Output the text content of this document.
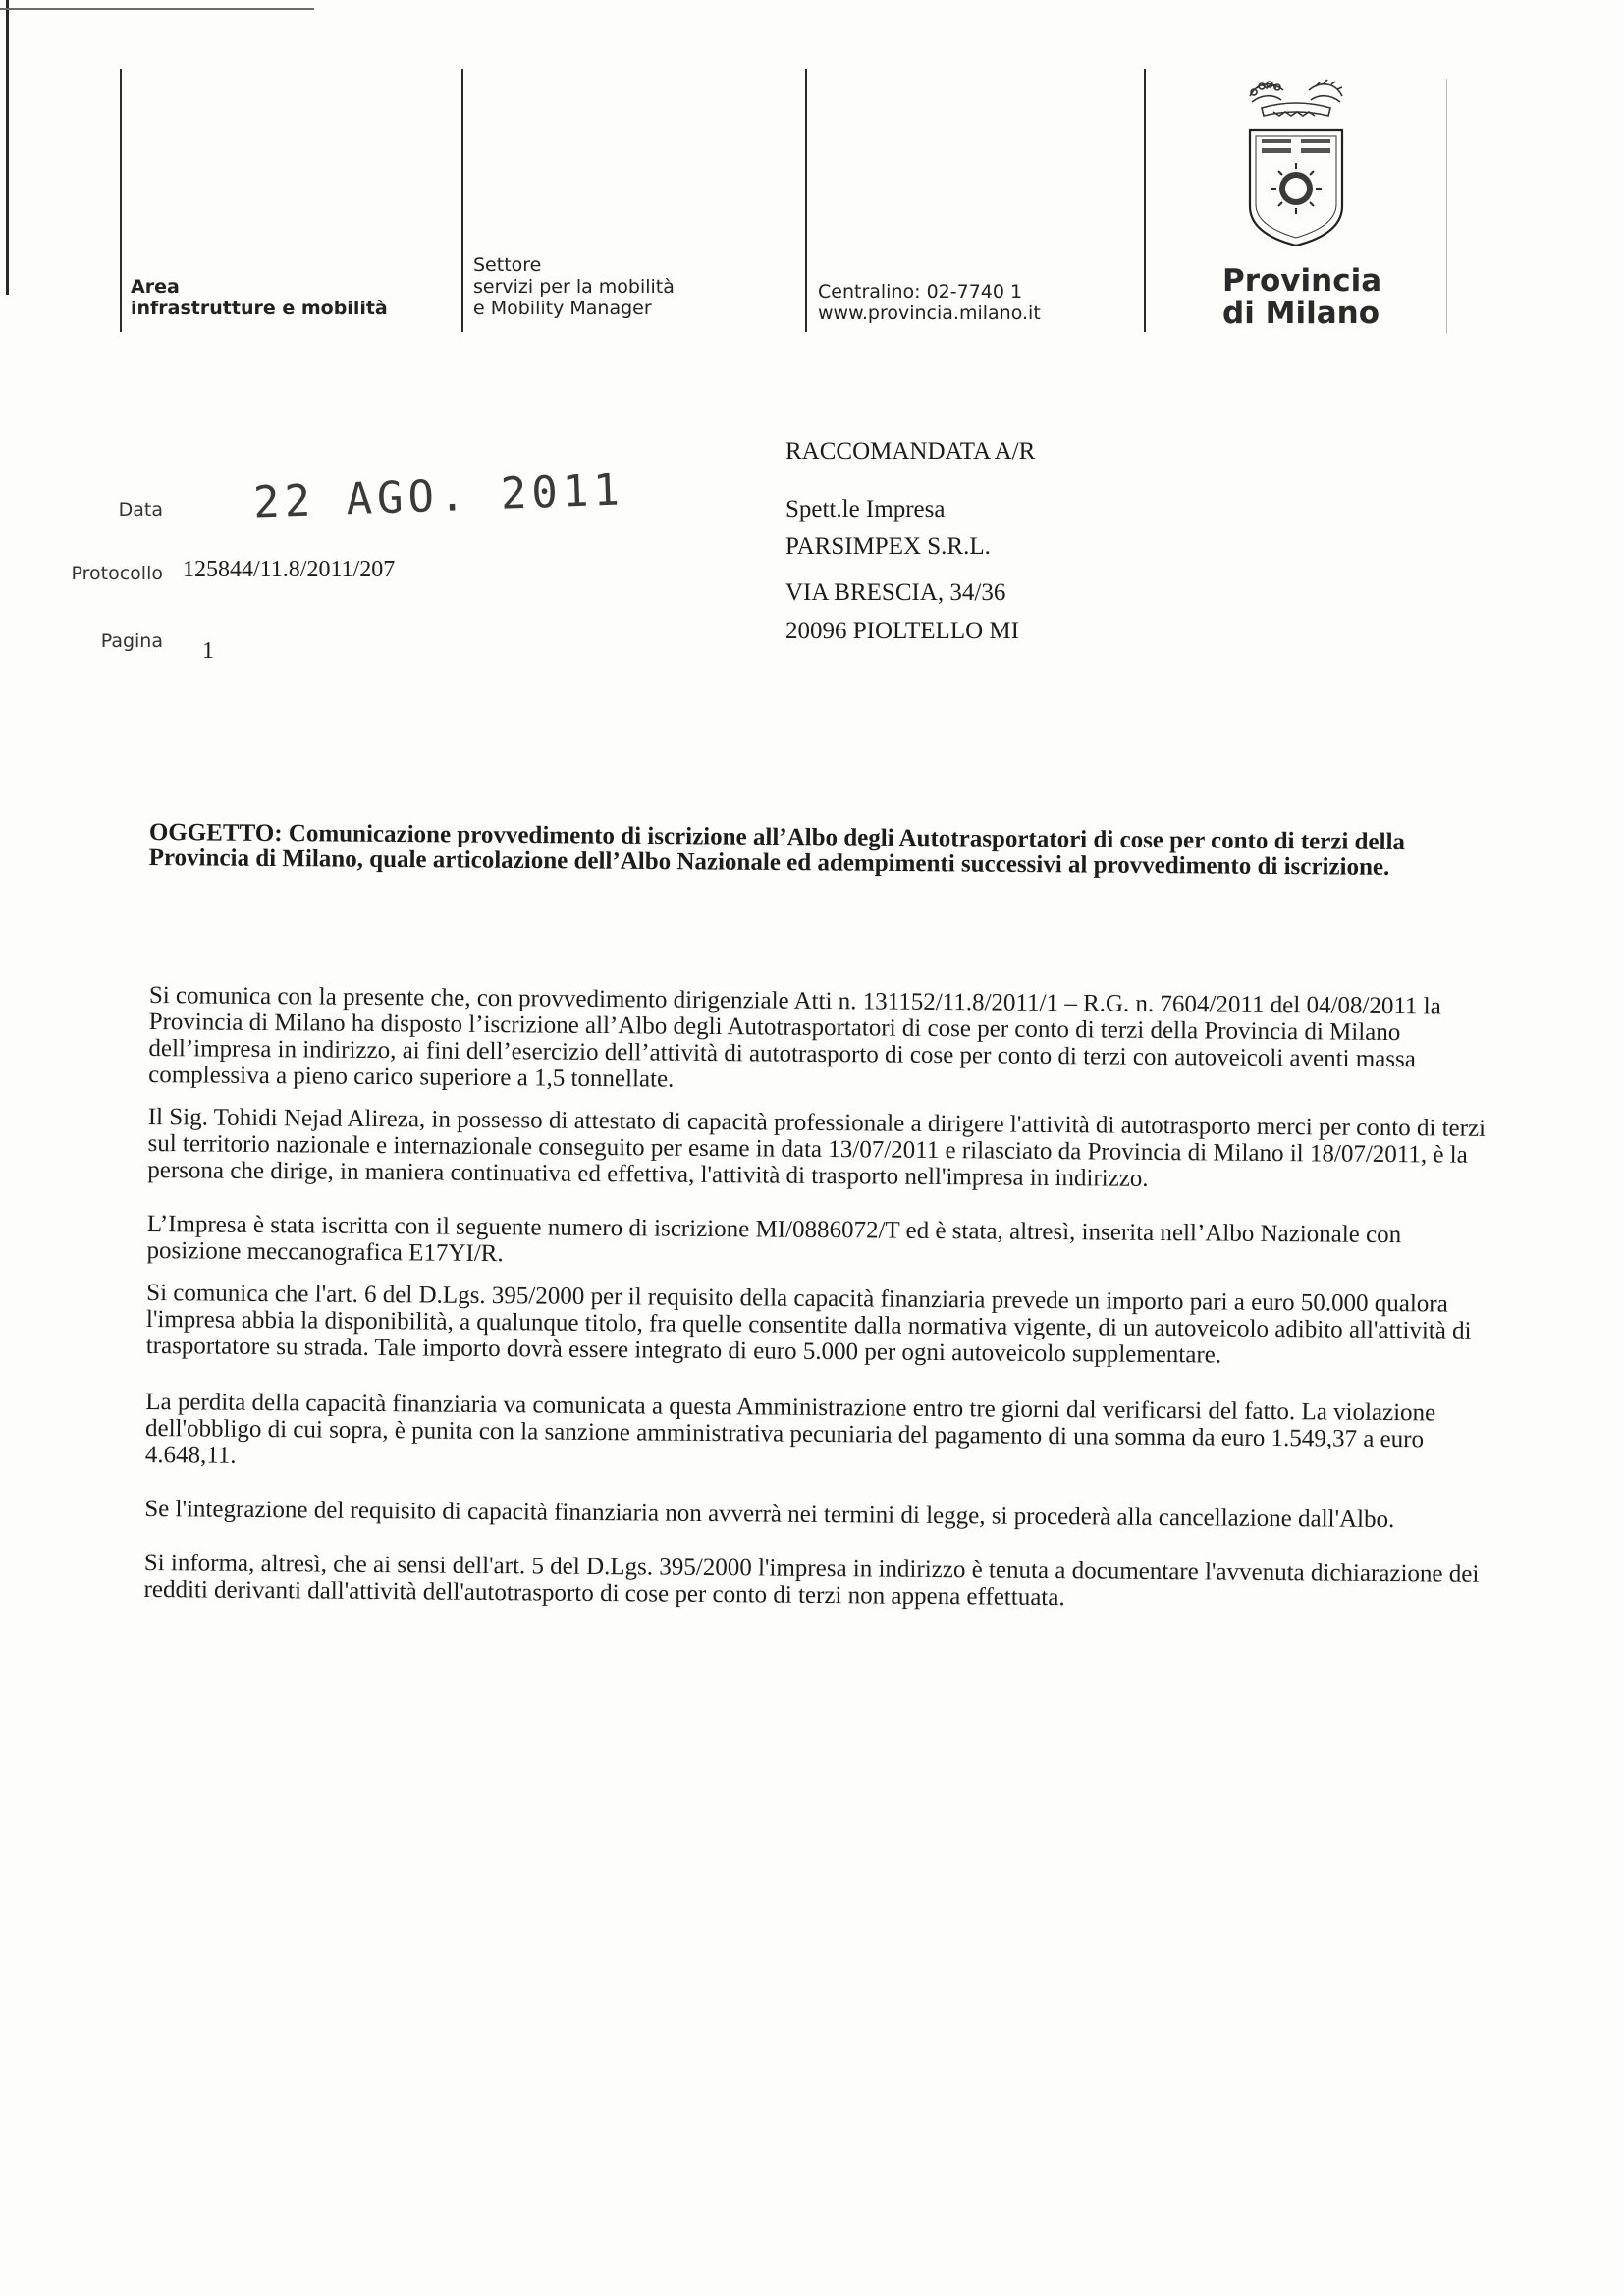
Area
infrastrutture e mobilità
Settore
servizi per la mobilità
e Mobility Manager
Centralino: 02-7740 1
www.provincia.milano.it
Provincia
di Milano
Data 22 AGO. 2011
Protocollo 125844/11.8/2011/207
Pagina 1
RACCOMANDATA A/R
Spett.le Impresa
PARSIMPEX S.R.L.
VIA BRESCIA, 34/36
20096 PIOLTELLO MI
OGGETTO: Comunicazione provvedimento di iscrizione all’Albo degli Autotrasportatori di cose per conto di terzi della Provincia di Milano, quale articolazione dell’Albo Nazionale ed adempimenti successivi al provvedimento di iscrizione.

Si comunica con la presente che, con provvedimento dirigenziale Atti n. 131152/11.8/2011/1 – R.G. n. 7604/2011 del 04/08/2011 la Provincia di Milano ha disposto l’iscrizione all’Albo degli Autotrasportatori di cose per conto di terzi della Provincia di Milano dell’impresa in indirizzo, ai fini dell’esercizio dell’attività di autotrasporto di cose per conto di terzi con autoveicoli aventi massa complessiva a pieno carico superiore a 1,5 tonnellate.

Il Sig. Tohidi Nejad Alireza, in possesso di attestato di capacità professionale a dirigere l'attività di autotrasporto merci per conto di terzi sul territorio nazionale e internazionale conseguito per esame in data 13/07/2011 e rilasciato da Provincia di Milano il 18/07/2011, è la persona che dirige, in maniera continuativa ed effettiva, l'attività di trasporto nell'impresa in indirizzo.

L’Impresa è stata iscritta con il seguente numero di iscrizione MI/0886072/T ed è stata, altresì, inserita nell’Albo Nazionale con posizione meccanografica E17YI/R.

Si comunica che l'art. 6 del D.Lgs. 395/2000 per il requisito della capacità finanziaria prevede un importo pari a euro 50.000 qualora l'impresa abbia la disponibilità, a qualunque titolo, fra quelle consentite dalla normativa vigente, di un autoveicolo adibito all'attività di trasportatore su strada. Tale importo dovrà essere integrato di euro 5.000 per ogni autoveicolo supplementare.

La perdita della capacità finanziaria va comunicata a questa Amministrazione entro tre giorni dal verificarsi del fatto. La violazione dell'obbligo di cui sopra, è punita con la sanzione amministrativa pecuniaria del pagamento di una somma da euro 1.549,37 a euro 4.648,11.

Se l'integrazione del requisito di capacità finanziaria non avverrà nei termini di legge, si procederà alla cancellazione dall'Albo.

Si informa, altresì, che ai sensi dell'art. 5 del D.Lgs. 395/2000 l'impresa in indirizzo è tenuta a documentare l'avvenuta dichiarazione dei redditi derivanti dall'attività dell'autotrasporto di cose per conto di terzi non appena effettuata.
